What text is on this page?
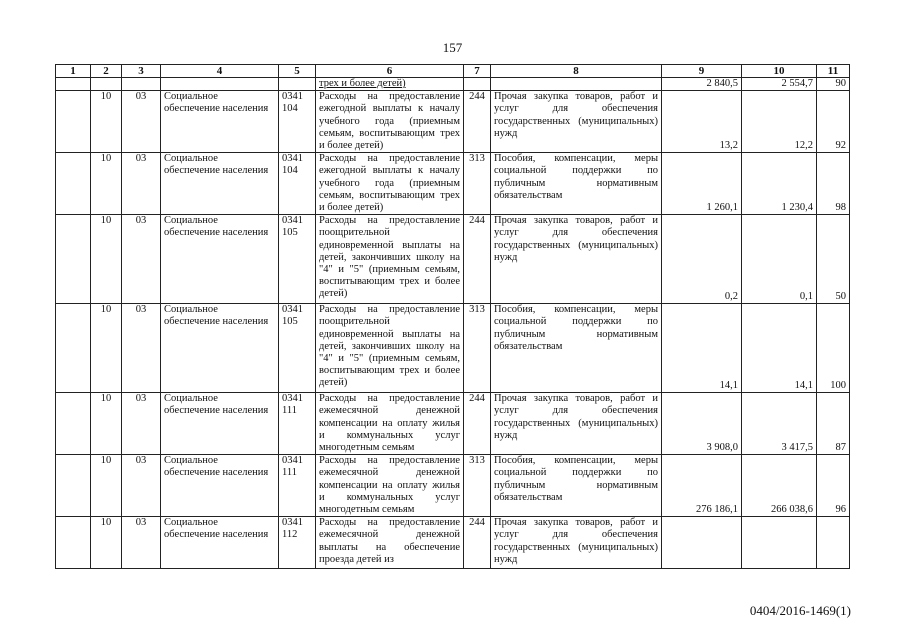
157
1	2	3	4	5	6	7	8	9	10	11
					трех и более детей)			2 840,5	2 554,7	90
	10	03	Социальное обеспечение населения	0341 104	Расходы на предоставление ежегодной выплаты к началу учебного года (приемным семьям, воспитывающим трех и более детей)	244	Прочая закупка товаров, работ и услуг для обеспечения государственных (муниципальных) нужд	13,2	12,2	92
	10	03	Социальное обеспечение населения	0341 104	Расходы на предоставление ежегодной выплаты к началу учебного года (приемным семьям, воспитывающим трех и более детей)	313	Пособия, компенсации, меры социальной поддержки по публичным нормативным обязательствам	1 260,1	1 230,4	98
	10	03	Социальное обеспечение населения	0341 105	Расходы на предоставление поощрительной единовременной выплаты на детей, закончивших школу на "4" и "5" (приемным семьям, воспитывающим трех и более детей)	244	Прочая закупка товаров, работ и услуг для обеспечения государственных (муниципальных) нужд	0,2	0,1	50
	10	03	Социальное обеспечение населения	0341 105	Расходы на предоставление поощрительной единовременной выплаты на детей, закончивших школу на "4" и "5" (приемным семьям, воспитывающим трех и более детей)	313	Пособия, компенсации, меры социальной поддержки по публичным нормативным обязательствам	14,1	14,1	100
	10	03	Социальное обеспечение населения	0341 111	Расходы на предоставление ежемесячной денежной компенсации на оплату жилья и коммунальных услуг многодетным семьям	244	Прочая закупка товаров, работ и услуг для обеспечения государственных (муниципальных) нужд	3 908,0	3 417,5	87
	10	03	Социальное обеспечение населения	0341 111	Расходы на предоставление ежемесячной денежной компенсации на оплату жилья и коммунальных услуг многодетным семьям	313	Пособия, компенсации, меры социальной поддержки по публичным нормативным обязательствам	276 186,1	266 038,6	96
	10	03	Социальное обеспечение населения	0341 112	Расходы на предоставление ежемесячной денежной выплаты на обеспечение проезда детей из	244	Прочая закупка товаров, работ и услуг для обеспечения государственных (муниципальных) нужд			
0404/2016-1469(1)
